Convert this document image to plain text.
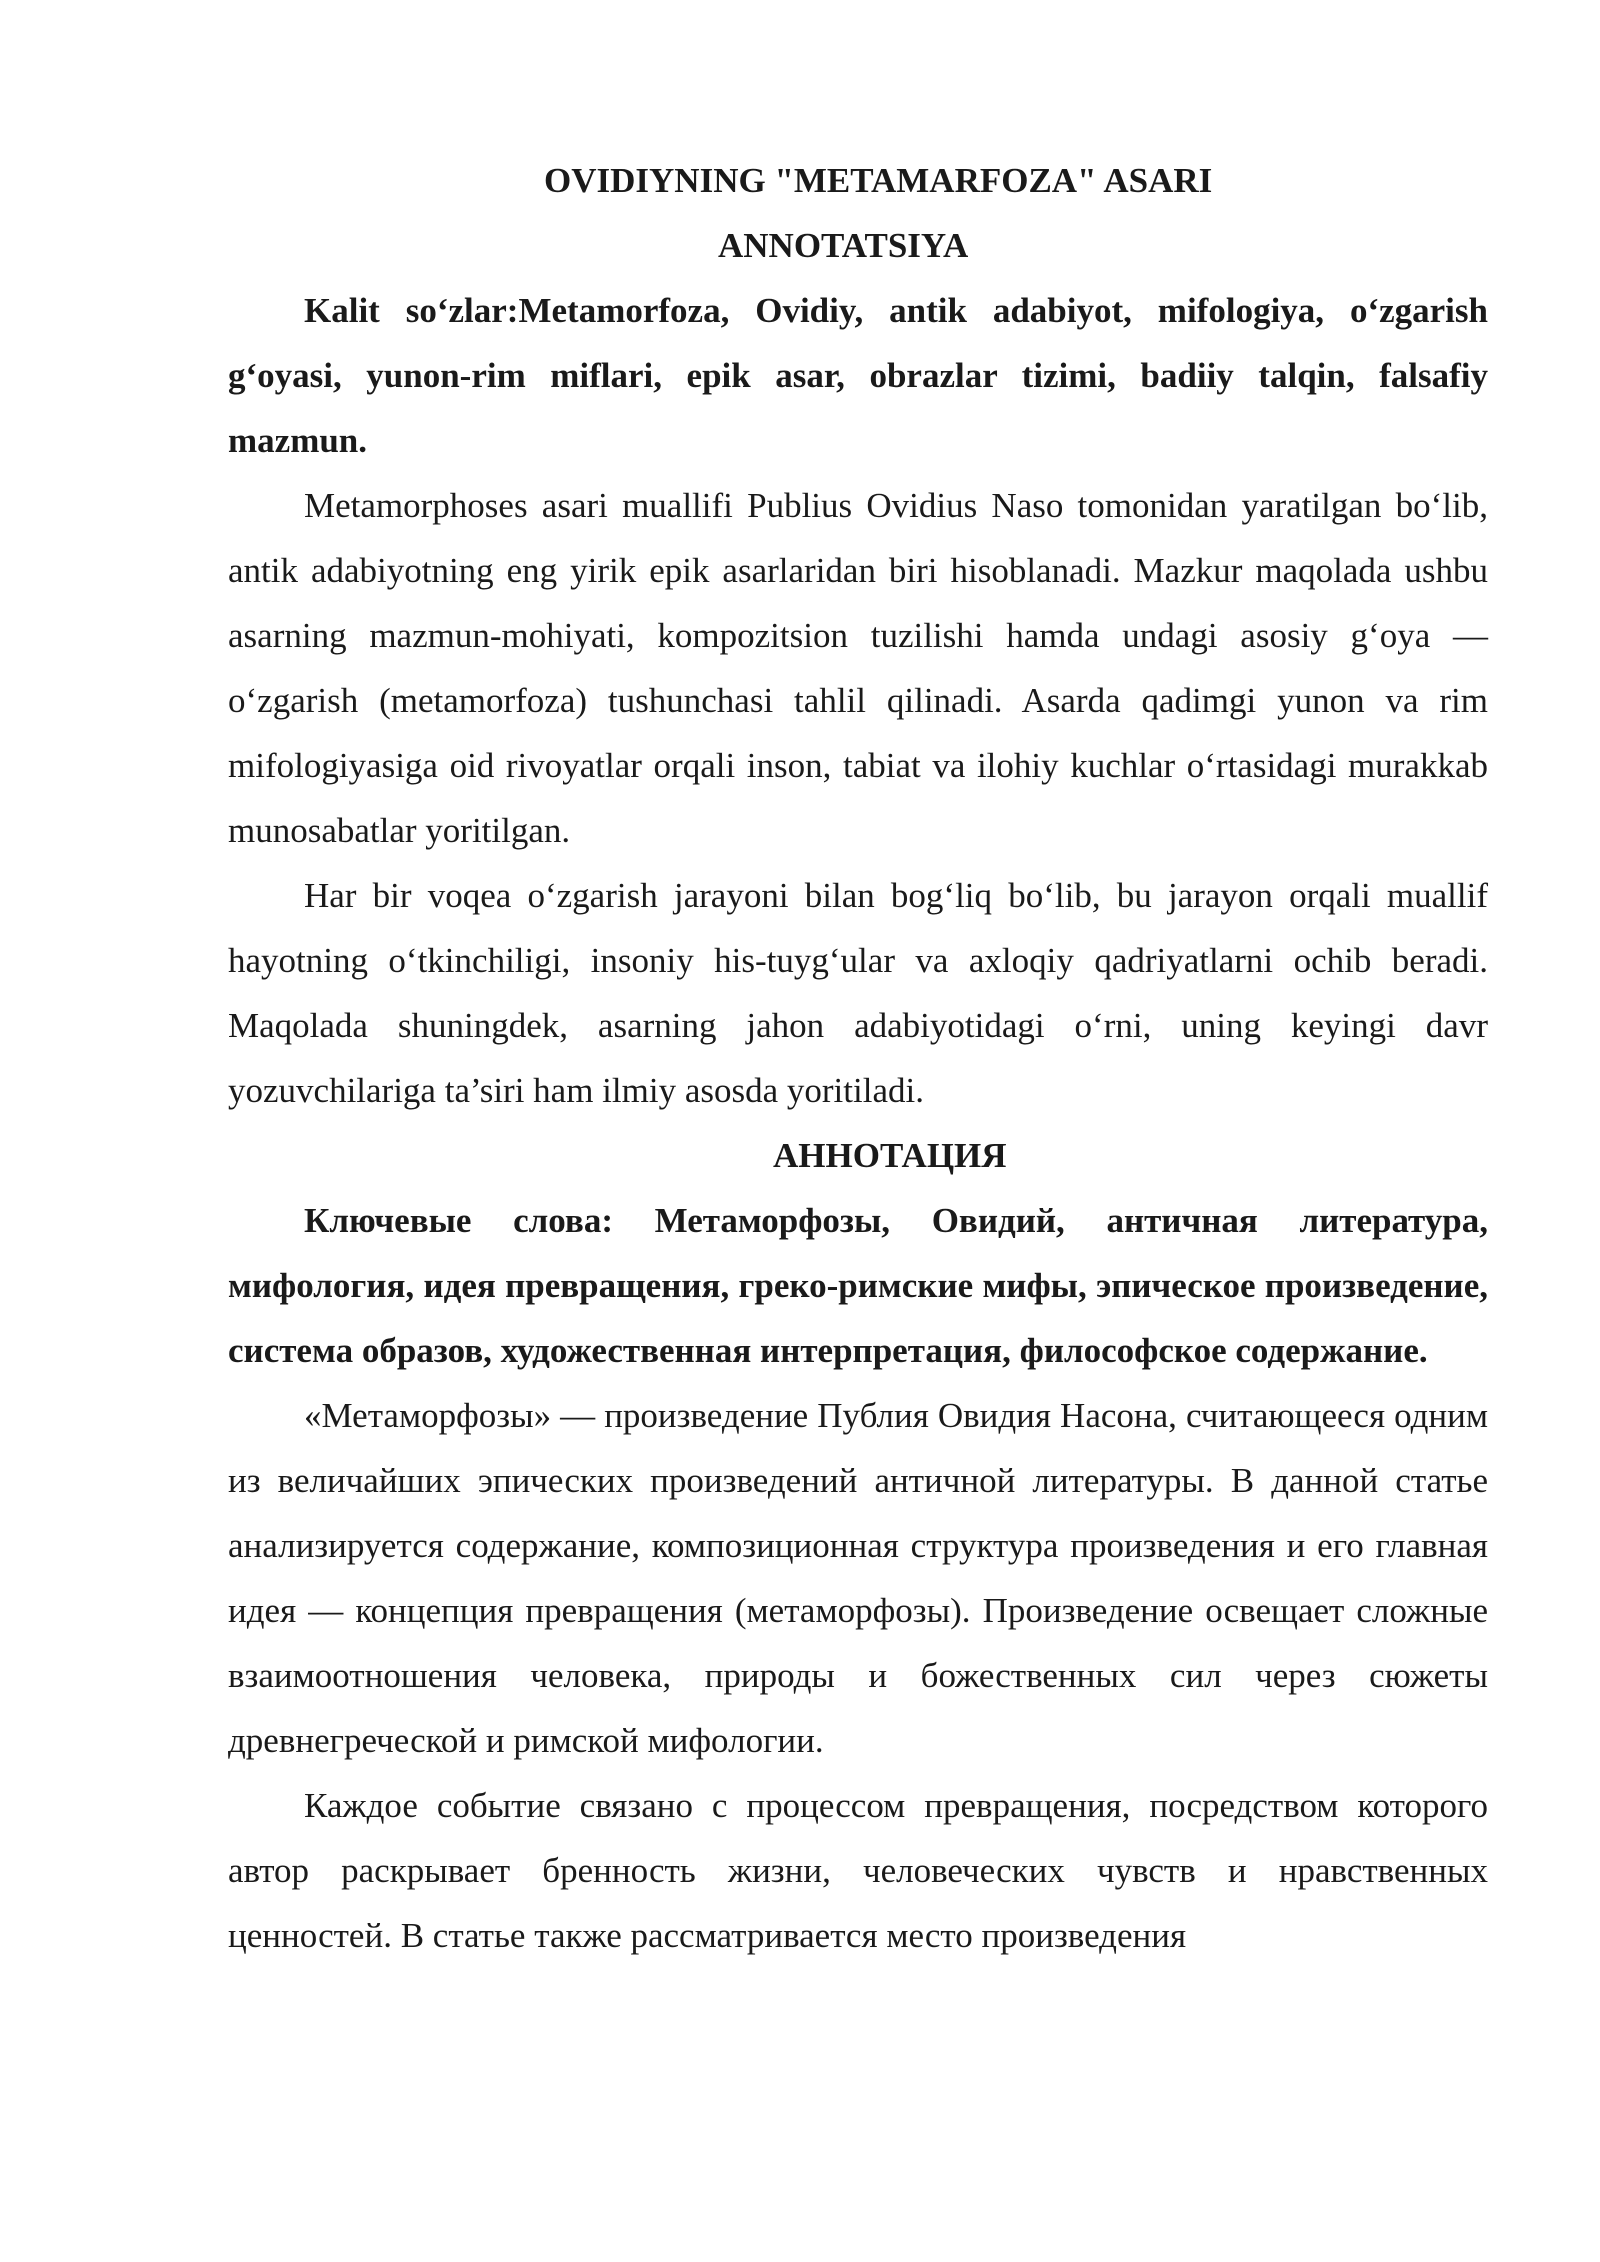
OVIDIYNING "METAMARFOZA" ASARI
ANNOTATSIYA

Kalit so‘zlar:Metamorfoza, Ovidiy, antik adabiyot, mifologiya, o‘zgarish g‘oyasi, yunon-rim miflari, epik asar, obrazlar tizimi, badiiy talqin, falsafiy mazmun.

Metamorphoses asari muallifi Publius Ovidius Naso tomonidan yaratilgan bo‘lib, antik adabiyotning eng yirik epik asarlaridan biri hisoblanadi. Mazkur maqolada ushbu asarning mazmun-mohiyati, kompozitsion tuzilishi hamda undagi asosiy g‘oya — o‘zgarish (metamorfoza) tushunchasi tahlil qilinadi. Asarda qadimgi yunon va rim mifologiyasiga oid rivoyatlar orqali inson, tabiat va ilohiy kuchlar o‘rtasidagi murakkab munosabatlar yoritilgan.

Har bir voqea o‘zgarish jarayoni bilan bog‘liq bo‘lib, bu jarayon orqali muallif hayotning o‘tkinchiligi, insoniy his-tuyg‘ular va axloqiy qadriyatlarni ochib beradi. Maqolada shuningdek, asarning jahon adabiyotidagi o‘rni, uning keyingi davr yozuvchilariga ta’siri ham ilmiy asosda yoritiladi.

АННОТАЦИЯ

Ключевые слова: Метаморфозы, Овидий, античная литература, мифология, идея превращения, греко-римские мифы, эпическое произведение, система образов, художественная интерпретация, философское содержание.

«Метаморфозы» — произведение Публия Овидия Насона, считающееся одним из величайших эпических произведений античной литературы. В данной статье анализируется содержание, композиционная структура произведения и его главная идея — концепция превращения (метаморфозы). Произведение освещает сложные взаимоотношения человека, природы и божественных сил через сюжеты древнегреческой и римской мифологии.

Каждое событие связано с процессом превращения, посредством которого автор раскрывает бренность жизни, человеческих чувств и нравственных ценностей. В статье также рассматривается место произведения
